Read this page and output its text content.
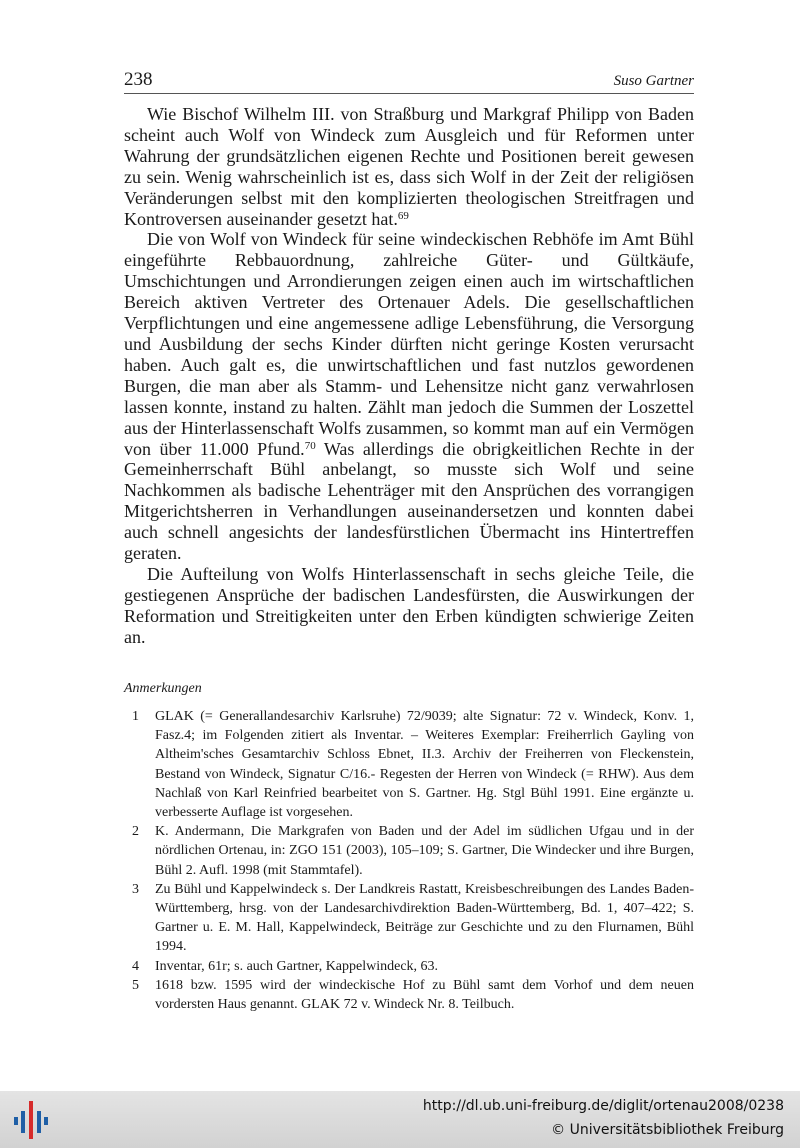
238	Suso Gartner

Wie Bischof Wilhelm III. von Straßburg und Markgraf Philipp von Baden scheint auch Wolf von Windeck zum Ausgleich und für Reformen unter Wahrung der grundsätzlichen eigenen Rechte und Positionen bereit gewesen zu sein. Wenig wahrscheinlich ist es, dass sich Wolf in der Zeit der religiösen Veränderungen selbst mit den komplizierten theologischen Streitfragen und Kontroversen auseinander gesetzt hat.$^{69}$

Die von Wolf von Windeck für seine windeckischen Rebhöfe im Amt Bühl eingeführte Rebbauordnung, zahlreiche Güter- und Gültkäufe, Umschichtungen und Arrondierungen zeigen einen auch im wirtschaftlichen Bereich aktiven Vertreter des Ortenauer Adels. Die gesellschaftlichen Verpflichtungen und eine angemessene adlige Lebensführung, die Versorgung und Ausbildung der sechs Kinder dürften nicht geringe Kosten verursacht haben. Auch galt es, die unwirtschaftlichen und fast nutzlos gewordenen Burgen, die man aber als Stamm- und Lehensitze nicht ganz verwahrlosen lassen konnte, instand zu halten. Zählt man jedoch die Summen der Loszettel aus der Hinterlassenschaft Wolfs zusammen, so kommt man auf ein Vermögen von über 11.000 Pfund.$^{70}$ Was allerdings die obrigkeitlichen Rechte in der Gemeinherrschaft Bühl anbelangt, so musste sich Wolf und seine Nachkommen als badische Lehenträger mit den Ansprüchen des vorrangigen Mitgerichtsherren in Verhandlungen auseinandersetzen und konnten dabei auch schnell angesichts der landesfürstlichen Übermacht ins Hintertreffen geraten.

Die Aufteilung von Wolfs Hinterlassenschaft in sechs gleiche Teile, die gestiegenen Ansprüche der badischen Landesfürsten, die Auswirkungen der Reformation und Streitigkeiten unter den Erben kündigten schwierige Zeiten an.

Anmerkungen
1	GLAK (= Generallandesarchiv Karlsruhe) 72/9039; alte Signatur: 72 v. Windeck, Konv. 1, Fasz.4; im Folgenden zitiert als Inventar. – Weiteres Exemplar: Freiherrlich Gayling von Altheim'sches Gesamtarchiv Schloss Ebnet, II.3. Archiv der Freiherren von Fleckenstein, Bestand von Windeck, Signatur C/16.- Regesten der Herren von Windeck (= RHW). Aus dem Nachlaß von Karl Reinfried bearbeitet von S. Gartner. Hg. Stgl Bühl 1991. Eine ergänzte u. verbesserte Auflage ist vorgesehen.
2	K. Andermann, Die Markgrafen von Baden und der Adel im südlichen Ufgau und in der nördlichen Ortenau, in: ZGO 151 (2003), 105–109; S. Gartner, Die Windecker und ihre Burgen, Bühl 2. Aufl. 1998 (mit Stammtafel).
3	Zu Bühl und Kappelwindeck s. Der Landkreis Rastatt, Kreisbeschreibungen des Landes Baden-Württemberg, hrsg. von der Landesarchivdirektion Baden-Württemberg, Bd. 1, 407–422; S. Gartner u. E. M. Hall, Kappelwindeck, Beiträge zur Geschichte und zu den Flurnamen, Bühl 1994.
4	Inventar, 61r; s. auch Gartner, Kappelwindeck, 63.
5	1618 bzw. 1595 wird der windeckische Hof zu Bühl samt dem Vorhof und dem neuen vordersten Haus genannt. GLAK 72 v. Windeck Nr. 8. Teilbuch.
http://dl.ub.uni-freiburg.de/diglit/ortenau2008/0238
© Universitätsbibliothek Freiburg
